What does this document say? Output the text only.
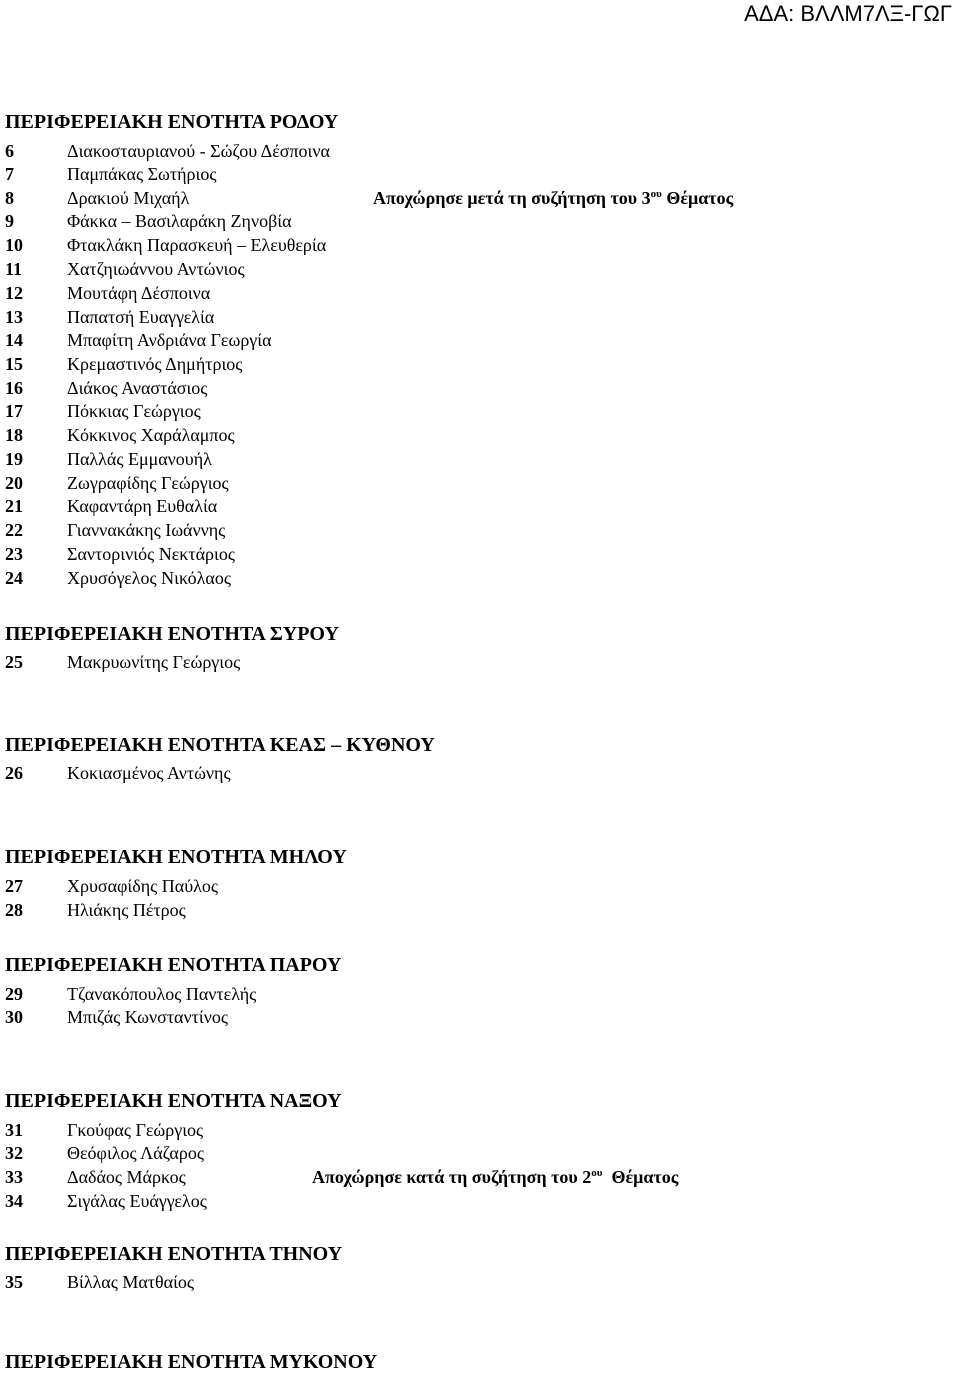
ΑΔΑ: ΒΛΛΜ7ΛΞ-ΓΩΓ
ΠΕΡΙΦΕΡΕΙΑΚΗ ΕΝΟΤΗΤΑ ΡΟΔΟΥ
6	Διακοσταυριανού - Σώζου Δέσποινα
7	Παμπάκας Σωτήριος
8	Δρακιού Μιχαήλ	Αποχώρησε μετά τη συζήτηση του $3^{o\upsilon}$ Θέματος
9	Φάκκα – Βασιλαράκη Ζηνοβία
10 Φτακλάκη Παρασκευή – Ελευθερία
11 Χατζηιωάννου Αντώνιος
12 Μουτάφη Δέσποινα
13 Παπατσή Ευαγγελία
14 Μπαφίτη Ανδριάνα Γεωργία
15 Κρεμαστινός Δημήτριος
16 Διάκος Αναστάσιος
17 Πόκκιας Γεώργιος
18 Κόκκινος Χαράλαμπος
19 Παλλάς Εμμανουήλ
20 Ζωγραφίδης Γεώργιος
21 Καφαντάρη Ευθαλία
22 Γιαννακάκης Ιωάννης
23 Σαντορινιός Νεκτάριος
24 Χρυσόγελος Νικόλαος
ΠΕΡΙΦΕΡΕΙΑΚΗ ΕΝΟΤΗΤΑ ΣΥΡΟΥ
25 Μακρυωνίτης Γεώργιος
ΠΕΡΙΦΕΡΕΙΑΚΗ ΕΝΟΤΗΤΑ ΚΕΑΣ – ΚΥΘΝΟΥ
26 Κοκιασμένος Αντώνης
ΠΕΡΙΦΕΡΕΙΑΚΗ ΕΝΟΤΗΤΑ ΜΗΛΟΥ
27 Χρυσαφίδης Παύλος
28 Ηλιάκης Πέτρος
ΠΕΡΙΦΕΡΕΙΑΚΗ ΕΝΟΤΗΤΑ ΠΑΡΟΥ
29 Τζανακόπουλος Παντελής
30 Μπιζάς Κωνσταντίνος
ΠΕΡΙΦΕΡΕΙΑΚΗ ΕΝΟΤΗΤΑ ΝΑΞΟΥ
31 Γκούφας Γεώργιος
32 Θεόφιλος Λάζαρος
33 Δαδάος Μάρκος	Αποχώρησε κατά τη συζήτηση του $2^{o\upsilon}$  Θέματος
34 Σιγάλας Ευάγγελος
ΠΕΡΙΦΕΡΕΙΑΚΗ ΕΝΟΤΗΤΑ ΤΗΝΟΥ
35 Βίλλας Ματθαίος
ΠΕΡΙΦΕΡΕΙΑΚΗ ΕΝΟΤΗΤΑ ΜΥΚΟΝΟΥ
